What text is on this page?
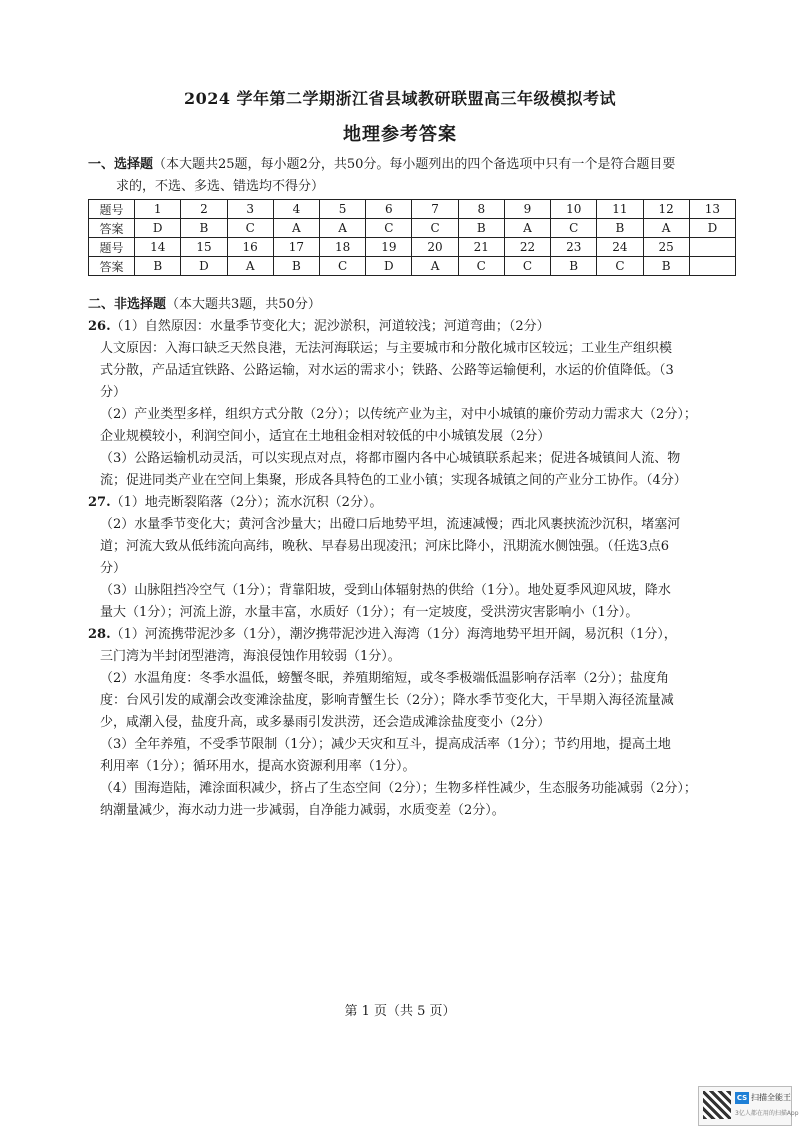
2024 学年第二学期浙江省县域教研联盟高三年级模拟考试
地理参考答案
一、选择题（本大题共25题，每小题2分，共50分。每小题列出的四个备选项中只有一个是符合题目要
求的，不选、多选、错选均不得分）
题号	1	2	3	4	5	6	7	8	9	10	11	12	13
答案	D	B	C	A	A	C	C	B	A	C	B	A	D
题号	14	15	16	17	18	19	20	21	22	23	24	25	
答案	B	D	A	B	C	D	A	C	C	B	C	B	
二、非选择题（本大题共3题，共50分）
26.（1）自然原因：水量季节变化大；泥沙淤积，河道较浅；河道弯曲；（2分）
人文原因：入海口缺乏天然良港，无法河海联运；与主要城市和分散化城市区较远；工业生产组织模
式分散，产品适宜铁路、公路运输，对水运的需求小；铁路、公路等运输便利，水运的价值降低。（3
分）
（2）产业类型多样，组织方式分散（2分）；以传统产业为主，对中小城镇的廉价劳动力需求大（2分）；
企业规模较小，利润空间小，适宜在土地租金相对较低的中小城镇发展（2分）
（3）公路运输机动灵活，可以实现点对点，将都市圈内各中心城镇联系起来；促进各城镇间人流、物
流；促进同类产业在空间上集聚，形成各具特色的工业小镇；实现各城镇之间的产业分工协作。（4分）
27.（1）地壳断裂陷落（2分）；流水沉积（2分）。
（2）水量季节变化大；黄河含沙量大；出磴口后地势平坦，流速减慢；西北风裹挟流沙沉积，堵塞河
道；河流大致从低纬流向高纬，晚秋、早春易出现凌汛；河床比降小，汛期流水侧蚀强。（任选3点6
分）
（3）山脉阻挡冷空气（1分）；背靠阳坡，受到山体辐射热的供给（1分）。地处夏季风迎风坡，降水
量大（1分）；河流上游，水量丰富，水质好（1分）；有一定坡度，受洪涝灾害影响小（1分）。
28.（1）河流携带泥沙多（1分），潮汐携带泥沙进入海湾（1分）海湾地势平坦开阔，易沉积（1分），
三门湾为半封闭型港湾，海浪侵蚀作用较弱（1分）。
（2）水温角度：冬季水温低，螃蟹冬眠，养殖期缩短，或冬季极端低温影响存活率（2分）；盐度角
度：台风引发的咸潮会改变滩涂盐度，影响青蟹生长（2分）；降水季节变化大，干旱期入海径流量减
少，咸潮入侵，盐度升高，或多暴雨引发洪涝，还会造成滩涂盐度变小（2分）
（3）全年养殖，不受季节限制（1分）；减少天灾和互斗，提高成活率（1分）；节约用地，提高土地
利用率（1分）；循环用水，提高水资源利用率（1分）。
（4）围海造陆，滩涂面积减少，挤占了生态空间（2分）；生物多样性减少，生态服务功能减弱（2分）；
纳潮量减少，海水动力进一步减弱，自净能力减弱，水质变差（2分）。
第 1 页（共 5 页）
CS 扫描全能王
3亿人都在用的扫描App
